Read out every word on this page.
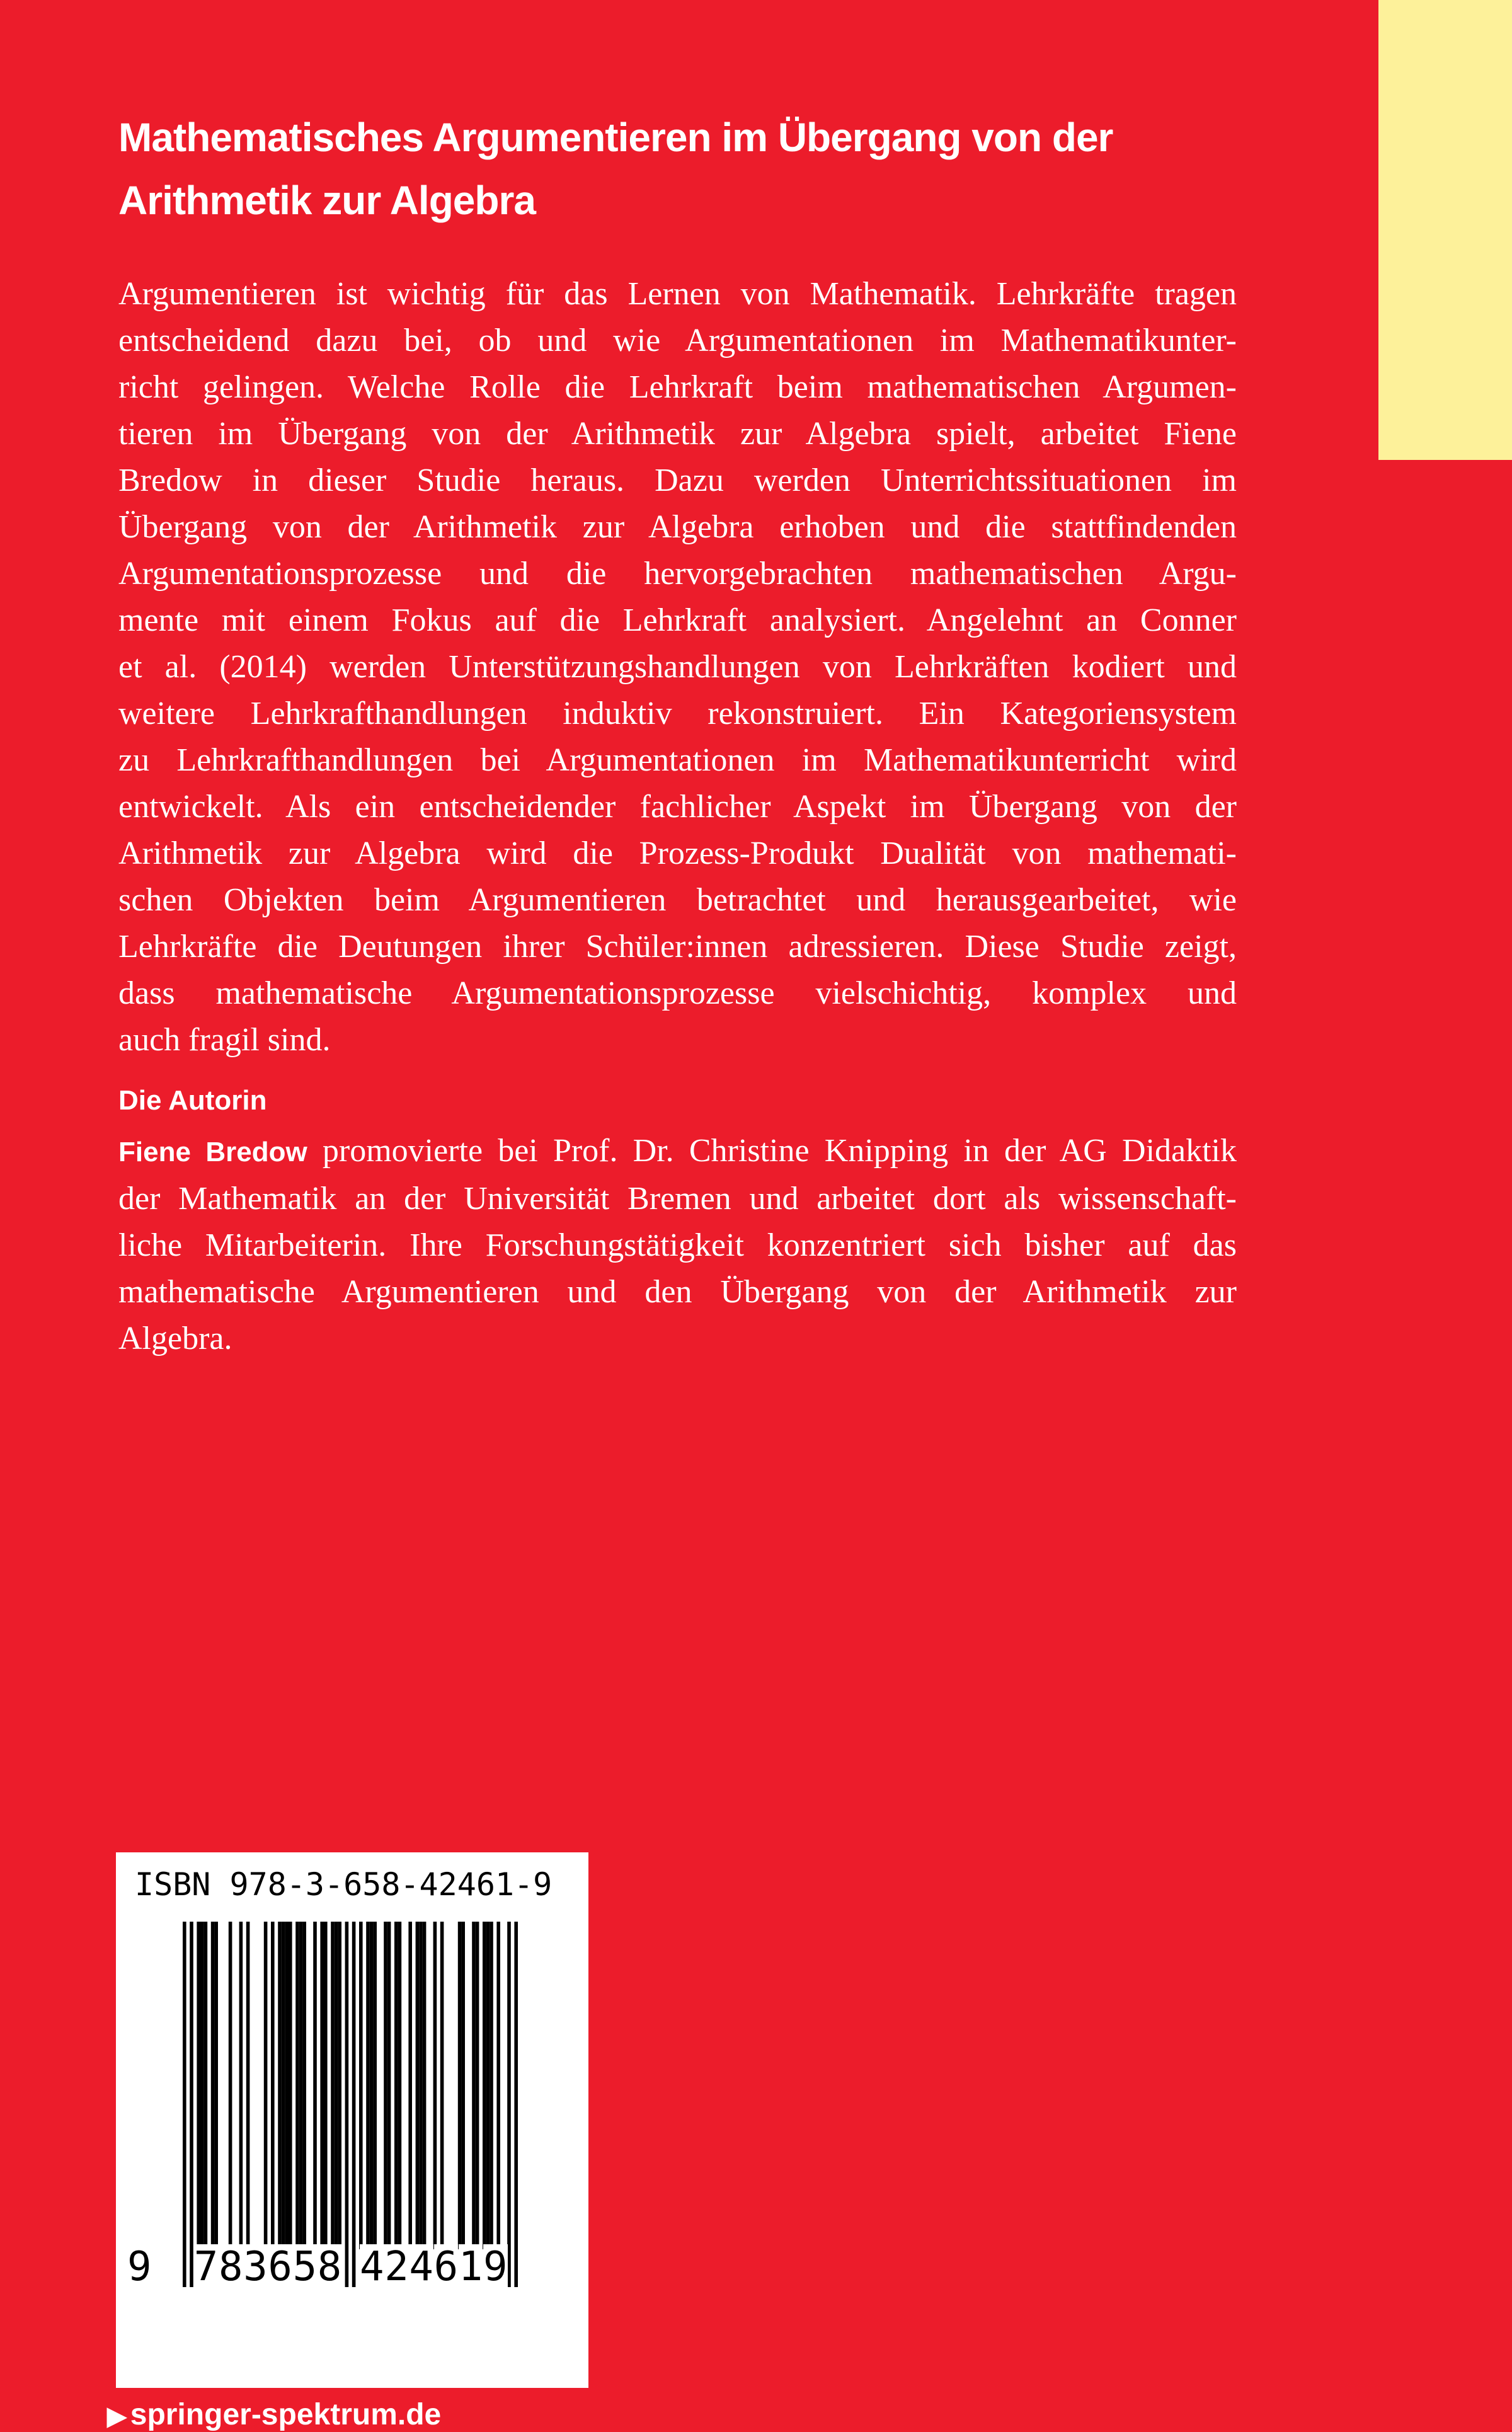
Mathematisches Argumentieren im Übergang von der
Arithmetik zur Algebra
Argumentieren ist wichtig für das Lernen von Mathematik. Lehrkräfte tragen
entscheidend dazu bei, ob und wie Argumentationen im Mathematikunter-
richt gelingen. Welche Rolle die Lehrkraft beim mathematischen Argumen-
tieren im Übergang von der Arithmetik zur Algebra spielt, arbeitet Fiene
Bredow in dieser Studie heraus. Dazu werden Unterrichtssituationen im
Übergang von der Arithmetik zur Algebra erhoben und die stattfindenden
Argumentationsprozesse und die hervorgebrachten mathematischen Argu-
mente mit einem Fokus auf die Lehrkraft analysiert. Angelehnt an Conner
et al. (2014) werden Unterstützungshandlungen von Lehrkräften kodiert und
weitere Lehrkrafthandlungen induktiv rekonstruiert. Ein Kategoriensystem
zu Lehrkrafthandlungen bei Argumentationen im Mathematikunterricht wird
entwickelt. Als ein entscheidender fachlicher Aspekt im Übergang von der
Arithmetik zur Algebra wird die Prozess-Produkt Dualität von mathemati-
schen Objekten beim Argumentieren betrachtet und herausgearbeitet, wie
Lehrkräfte die Deutungen ihrer Schüler:innen adressieren. Diese Studie zeigt,
dass mathematische Argumentationsprozesse vielschichtig, komplex und
auch fragil sind.
Die Autorin
Fiene Bredow promovierte bei Prof. Dr. Christine Knipping in der AG Didaktik
der Mathematik an der Universität Bremen und arbeitet dort als wissenschaft-
liche Mitarbeiterin. Ihre Forschungstätigkeit konzentriert sich bisher auf das
mathematische Argumentieren und den Übergang von der Arithmetik zur
Algebra.
ISBN 978-3-658-42461-9
9 7 8 3 6 5 8 4 2 4 6 1 9
▶ springer-spektrum.de
